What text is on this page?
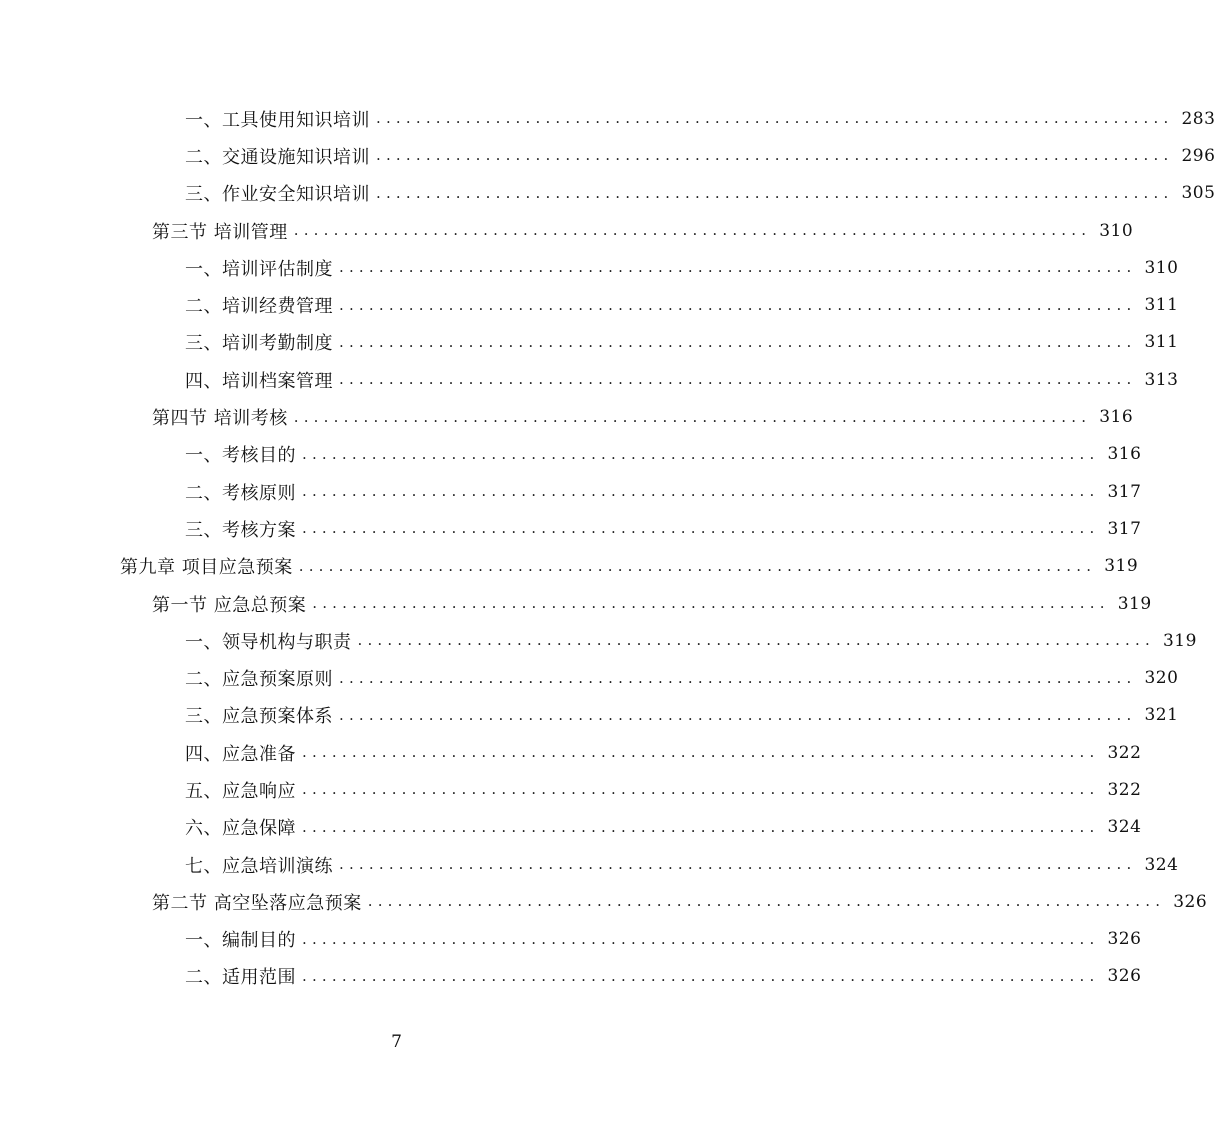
一、工具使用知识培训 ................................................................................ 283
二、交通设施知识培训 ................................................................................ 296
三、作业安全知识培训 ................................................................................ 305
第三节 培训管理 ................................................................................ 310
一、培训评估制度 ................................................................................ 310
二、培训经费管理 ................................................................................ 311
三、培训考勤制度 ................................................................................ 311
四、培训档案管理 ................................................................................ 313
第四节 培训考核 ................................................................................ 316
一、考核目的 ................................................................................ 316
二、考核原则 ................................................................................ 317
三、考核方案 ................................................................................ 317
第九章 项目应急预案 ................................................................................ 319
第一节 应急总预案 ................................................................................ 319
一、领导机构与职责 ................................................................................ 319
二、应急预案原则 ................................................................................ 320
三、应急预案体系 ................................................................................ 321
四、应急准备 ................................................................................ 322
五、应急响应 ................................................................................ 322
六、应急保障 ................................................................................ 324
七、应急培训演练 ................................................................................ 324
第二节 高空坠落应急预案 ................................................................................ 326
一、编制目的 ................................................................................ 326
二、适用范围 ................................................................................ 326
7
